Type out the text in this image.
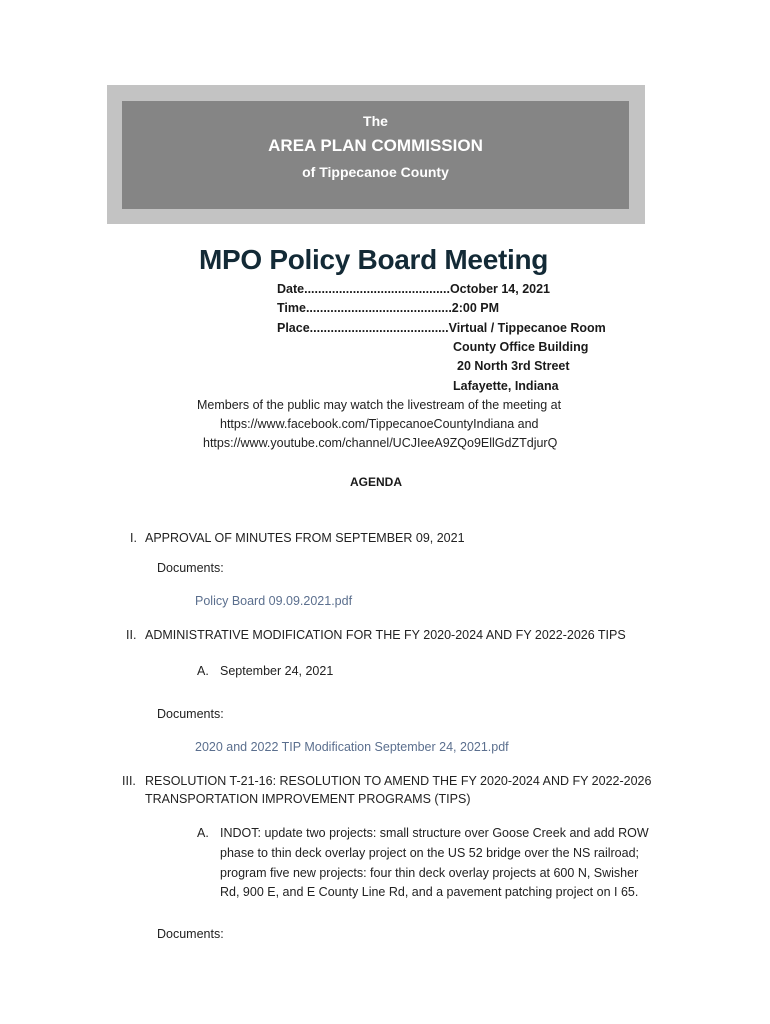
The
AREA PLAN COMMISSION
of Tippecanoe County
MPO Policy Board Meeting
Date..........................................October 14, 2021
Time..........................................2:00 PM
Place........................................Virtual / Tippecanoe Room
County Office Building
20 North 3rd Street
Lafayette, Indiana
Members of the public may watch the livestream of the meeting at
https://www.facebook.com/TippecanoeCountyIndiana and
https://www.youtube.com/channel/UCJIeeA9ZQo9EllGdZTdjurQ
AGENDA
I. APPROVAL OF MINUTES FROM SEPTEMBER 09, 2021
Documents:
Policy Board 09.09.2021.pdf
II. ADMINISTRATIVE MODIFICATION FOR THE FY 2020-2024 AND FY 2022-2026 TIPS
A. September 24, 2021
Documents:
2020 and 2022 TIP Modification September 24, 2021.pdf
III. RESOLUTION T-21-16: RESOLUTION TO AMEND THE FY 2020-2024 AND FY 2022-2026
TRANSPORTATION IMPROVEMENT PROGRAMS (TIPS)
A. INDOT: update two projects: small structure over Goose Creek and add ROW
phase to thin deck overlay project on the US 52 bridge over the NS railroad;
program five new projects: four thin deck overlay projects at 600 N, Swisher
Rd, 900 E, and E County Line Rd, and a pavement patching project on I 65.
Documents:
